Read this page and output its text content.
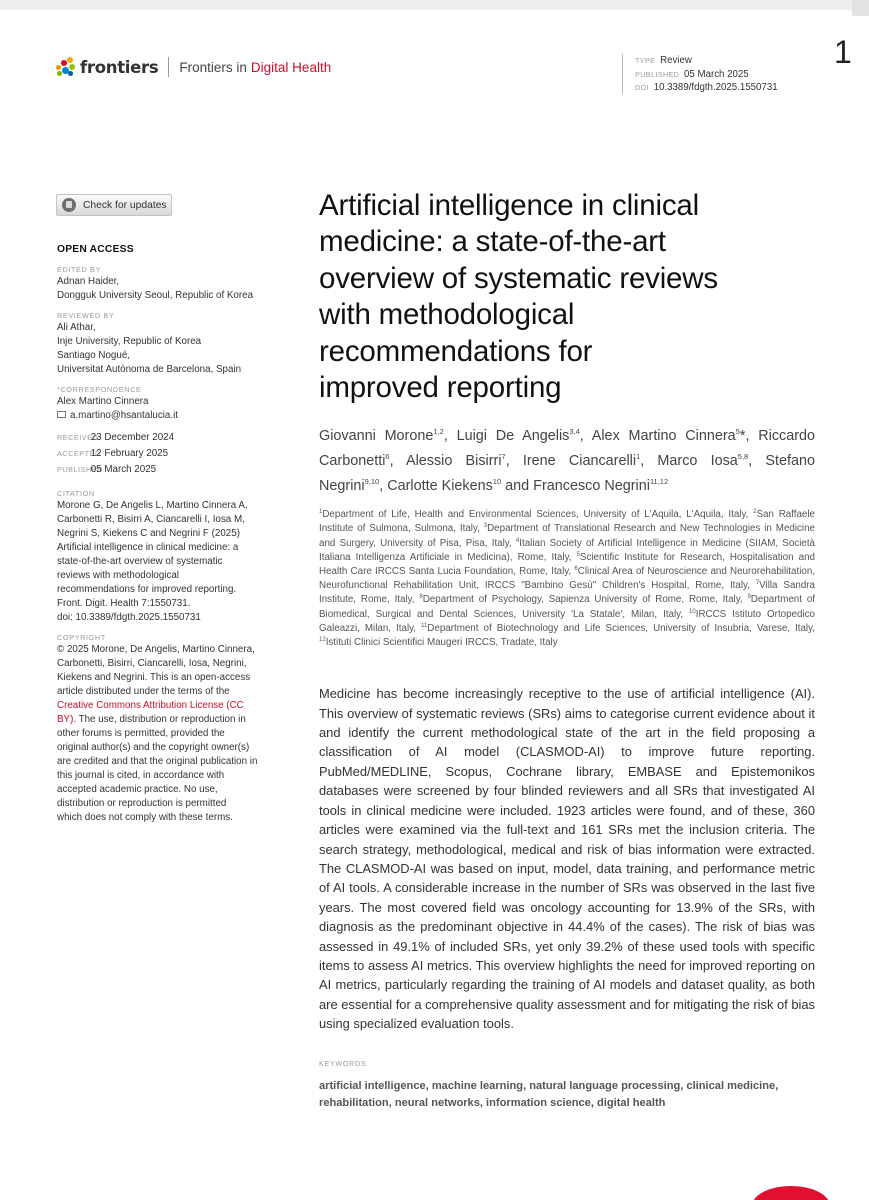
frontiers Frontiers in Digital Health	TYPE Review
PUBLISHED 05 March 2025
DOI 10.3389/fdgth.2025.1550731
1
Check for updates
OPEN ACCESS
EDITED BY
Adnan Haider,
Dongguk University Seoul, Republic of Korea
REVIEWED BY
Ali Athar,
Inje University, Republic of Korea
Santiago Nogué,
Universitat Autònoma de Barcelona, Spain
*CORRESPONDENCE
Alex Martino Cinnera
a.martino@hsantalucia.it
RECEIVED 23 December 2024
ACCEPTED 12 February 2025
PUBLISHED 05 March 2025
CITATION
Morone G, De Angelis L, Martino Cinnera A,
Carbonetti R, Bisirri A, Ciancarelli I, Iosa M,
Negrini S, Kiekens C and Negrini F (2025)
Artificial intelligence in clinical medicine: a
state-of-the-art overview of systematic
reviews with methodological
recommendations for improved reporting.
Front. Digit. Health 7:1550731.
doi: 10.3389/fdgth.2025.1550731
COPYRIGHT
© 2025 Morone, De Angelis, Martino Cinnera,
Carbonetti, Bisirri, Ciancarelli, Iosa, Negrini,
Kiekens and Negrini. This is an open-access
article distributed under the terms of the
Creative Commons Attribution License (CC
BY). The use, distribution or reproduction in
other forums is permitted, provided the
original author(s) and the copyright owner(s)
are credited and that the original publication in
this journal is cited, in accordance with
accepted academic practice. No use,
distribution or reproduction is permitted
which does not comply with these terms.
Artificial intelligence in clinical
medicine: a state-of-the-art
overview of systematic reviews
with methodological
recommendations for
improved reporting
Giovanni Morone$^{1,2}$, Luigi De Angelis$^{3,4}$, Alex Martino Cinnera$^5$*, Riccardo Carbonetti$^6$, Alessio Bisirri$^7$, Irene Ciancarelli$^1$, Marco Iosa$^{5,8}$, Stefano Negrini$^{9,10}$, Carlotte Kiekens$^{10}$ and Francesco Negrini$^{11,12}$
$^1$Department of Life, Health and Environmental Sciences, University of L'Aquila, L'Aquila, Italy, $^2$San Raffaele Institute of Sulmona, Sulmona, Italy, $^3$Department of Translational Research and New Technologies in Medicine and Surgery, University of Pisa, Pisa, Italy, $^4$Italian Society of Artificial Intelligence in Medicine (SIIAM, Società Italiana Intelligenza Artificiale in Medicina), Rome, Italy, $^5$Scientific Institute for Research, Hospitalisation and Health Care IRCCS Santa Lucia Foundation, Rome, Italy, $^6$Clinical Area of Neuroscience and Neurorehabilitation, Neurofunctional Rehabilitation Unit, IRCCS "Bambino Gesù" Children's Hospital, Rome, Italy, $^7$Villa Sandra Institute, Rome, Italy, $^8$Department of Psychology, Sapienza University of Rome, Rome, Italy, $^9$Department of Biomedical, Surgical and Dental Sciences, University 'La Statale', Milan, Italy, $^{10}$IRCCS Istituto Ortopedico Galeazzi, Milan, Italy, $^{11}$Department of Biotechnology and Life Sciences, University of Insubria, Varese, Italy, $^{12}$Istituti Clinici Scientifici Maugeri IRCCS, Tradate, Italy

Medicine has become increasingly receptive to the use of artificial intelligence (AI). This overview of systematic reviews (SRs) aims to categorise current evidence about it and identify the current methodological state of the art in the field proposing a classification of AI model (CLASMOD-AI) to improve future reporting. PubMed/MEDLINE, Scopus, Cochrane library, EMBASE and Epistemonikos databases were screened by four blinded reviewers and all SRs that investigated AI tools in clinical medicine were included. 1923 articles were found, and of these, 360 articles were examined via the full-text and 161 SRs met the inclusion criteria. The search strategy, methodological, medical and risk of bias information were extracted. The CLASMOD-AI was based on input, model, data training, and performance metric of AI tools. A considerable increase in the number of SRs was observed in the last five years. The most covered field was oncology accounting for 13.9% of the SRs, with diagnosis as the predominant objective in 44.4% of the cases). The risk of bias was assessed in 49.1% of included SRs, yet only 39.2% of these used tools with specific items to assess AI metrics. This overview highlights the need for improved reporting on AI metrics, particularly regarding the training of AI models and dataset quality, as both are essential for a comprehensive quality assessment and for mitigating the risk of bias using specialized evaluation tools.

KEYWORDS
artificial intelligence, machine learning, natural language processing, clinical medicine, rehabilitation, neural networks, information science, digital health
